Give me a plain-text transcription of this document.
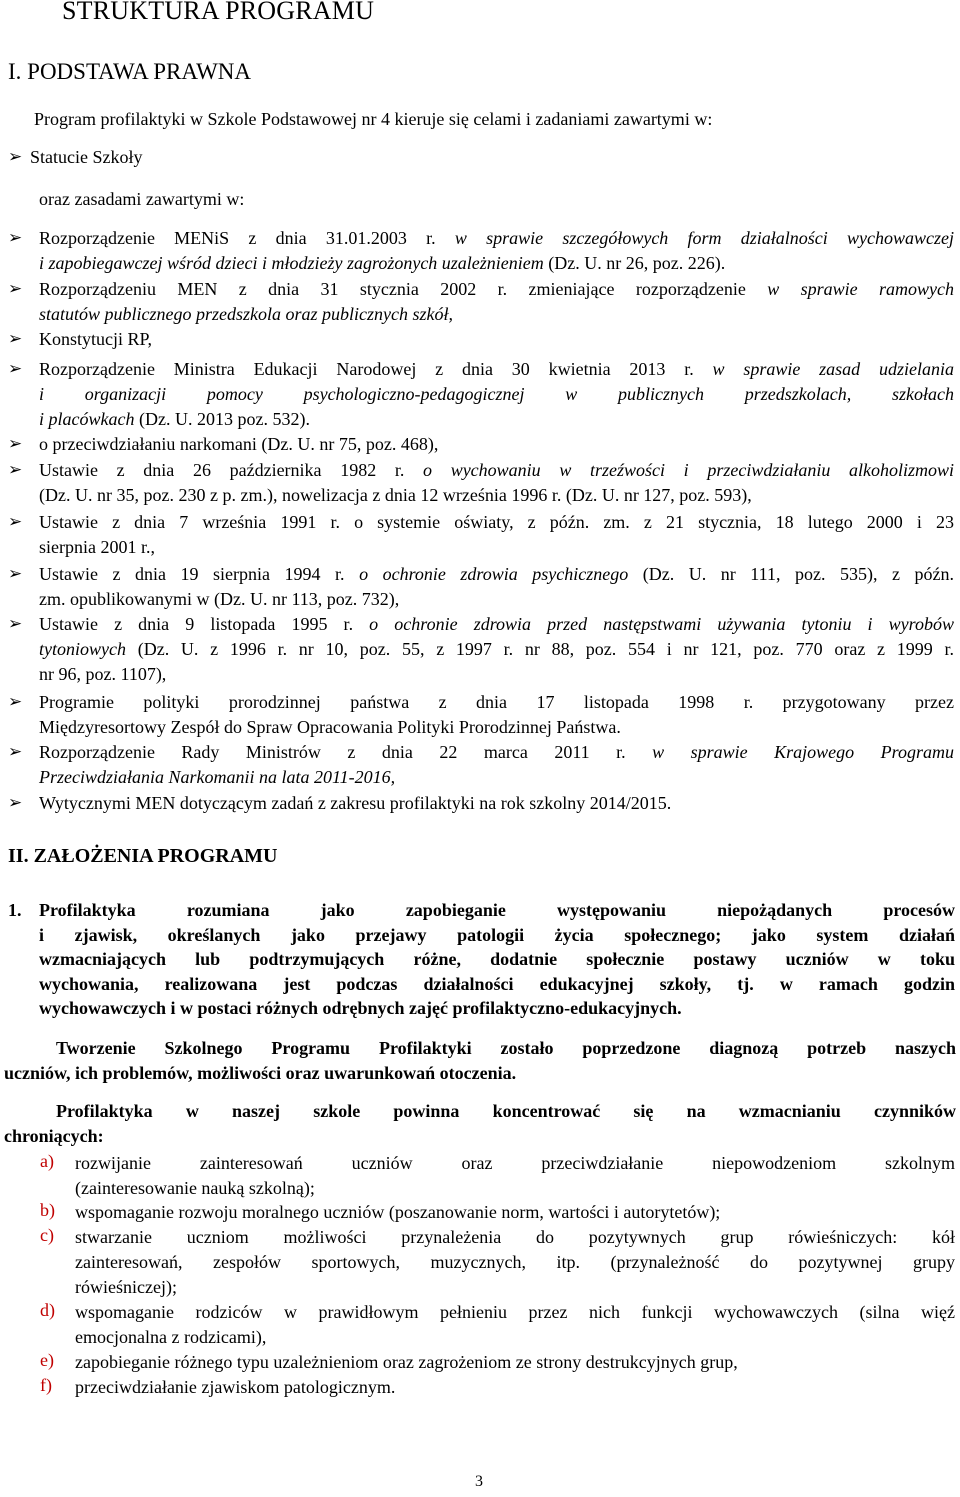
STRUKTURA PROGRAMU
I. PODSTAWA PRAWNA
Program profilaktyki w Szkole Podstawowej nr 4 kieruje się celami i zadaniami zawartymi w:
➢ Statucie Szkoły
oraz zasadami zawartymi w:
➢ Rozporządzenie MENiS z dnia 31.01.2003 r. w sprawie szczegółowych form działalności wychowawczej
i zapobiegawczej wśród dzieci i młodzieży zagrożonych uzależnieniem (Dz. U. nr 26, poz. 226).
➢ Rozporządzeniu MEN z dnia 31 stycznia 2002 r. zmieniające rozporządzenie w sprawie ramowych
statutów publicznego przedszkola oraz publicznych szkół,
➢ Konstytucji RP,
➢ Rozporządzenie Ministra Edukacji Narodowej z dnia 30 kwietnia 2013 r. w sprawie zasad udzielania
i organizacji pomocy psychologiczno-pedagogicznej w publicznych przedszkolach, szkołach
i placówkach (Dz. U. 2013 poz. 532).
➢ o przeciwdziałaniu narkomani (Dz. U. nr 75, poz. 468),
➢ Ustawie z dnia 26 października 1982 r. o wychowaniu w trzeźwości i przeciwdziałaniu alkoholizmowi
(Dz. U. nr 35, poz. 230 z p. zm.), nowelizacja z dnia 12 września 1996 r. (Dz. U. nr 127, poz. 593),
➢ Ustawie z dnia 7 września 1991 r. o systemie oświaty, z późn. zm. z 21 stycznia, 18 lutego 2000 i 23
sierpnia 2001 r.,
➢ Ustawie z dnia 19 sierpnia 1994 r. o ochronie zdrowia psychicznego (Dz. U. nr 111, poz. 535), z późn.
zm. opublikowanymi w (Dz. U. nr 113, poz. 732),
➢ Ustawie z dnia 9 listopada 1995 r. o ochronie zdrowia przed następstwami używania tytoniu i wyrobów
tytoniowych (Dz. U. z 1996 r. nr 10, poz. 55, z 1997 r. nr 88, poz. 554 i nr 121, poz. 770 oraz z 1999 r.
nr 96, poz. 1107),
➢ Programie polityki prorodzinnej państwa z dnia 17 listopada 1998 r. przygotowany przez
Międzyresortowy Zespół do Spraw Opracowania Polityki Prorodzinnej Państwa.
➢ Rozporządzenie Rady Ministrów z dnia 22 marca 2011 r. w sprawie Krajowego Programu
Przeciwdziałania Narkomanii na lata 2011-2016,
➢ Wytycznymi MEN dotyczącym zadań z zakresu profilaktyki na rok szkolny 2014/2015.
II. ZAŁOŻENIA PROGRAMU
1. Profilaktyka rozumiana jako zapobieganie występowaniu niepożądanych procesów
i zjawisk, określanych jako przejawy patologii życia społecznego; jako system działań
wzmacniających lub podtrzymujących różne, dodatnie społecznie postawy uczniów w toku
wychowania, realizowana jest podczas działalności edukacyjnej szkoły, tj. w ramach godzin
wychowawczych i w postaci różnych odrębnych zajęć profilaktyczno-edukacyjnych.
Tworzenie Szkolnego Programu Profilaktyki zostało poprzedzone diagnozą potrzeb naszych
uczniów, ich problemów, możliwości oraz uwarunkowań otoczenia.
Profilaktyka w naszej szkole powinna koncentrować się na wzmacnianiu czynników
chroniących:
a) rozwijanie zainteresowań uczniów oraz przeciwdziałanie niepowodzeniom szkolnym
(zainteresowanie nauką szkolną);
b) wspomaganie rozwoju moralnego uczniów (poszanowanie norm, wartości i autorytetów);
c) stwarzanie uczniom możliwości przynależenia do pozytywnych grup rówieśniczych: kół
zainteresowań, zespołów sportowych, muzycznych, itp. (przynależność do pozytywnej grupy
rówieśniczej);
d) wspomaganie rodziców w prawidłowym pełnieniu przez nich funkcji wychowawczych (silna więź
emocjonalna z rodzicami),
e) zapobieganie różnego typu uzależnieniom oraz zagrożeniom ze strony destrukcyjnych grup,
f) przeciwdziałanie zjawiskom patologicznym.
3
